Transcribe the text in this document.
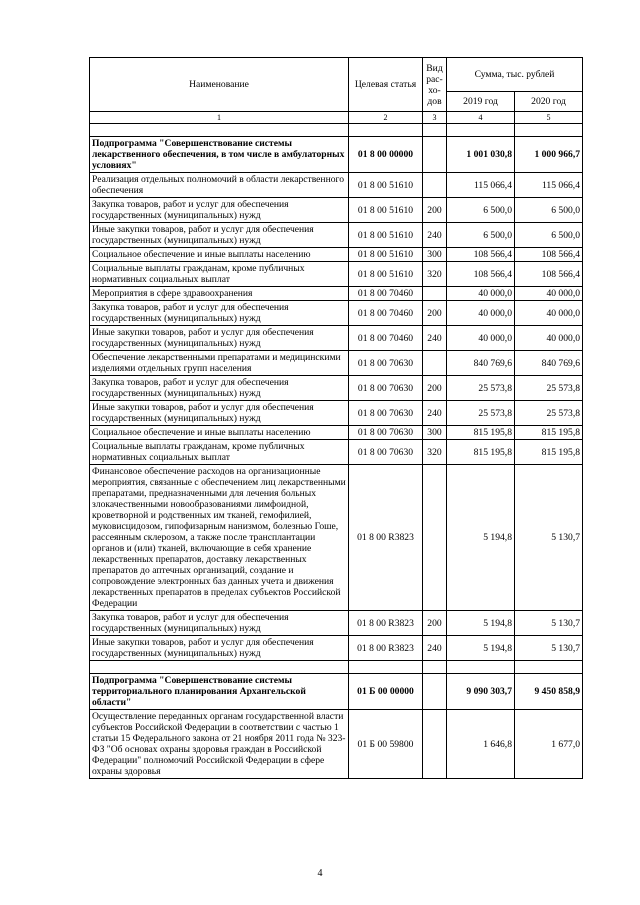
Наименование	Целевая статья	Вид рас-хо-дов	Сумма, тыс. рублей	
			2019 год	2020 год
1	2	3	4	5

Подпрограмма "Совершенствование системы лекарственного обеспечения, в том числе в амбулаторных условиях"	01 8 00 00000		1 001 030,8	1 000 966,7
Реализация отдельных полномочий в области лекарственного обеспечения	01 8 00 51610		115 066,4	115 066,4
Закупка товаров, работ и услуг для обеспечения государственных (муниципальных) нужд	01 8 00 51610	200	6 500,0	6 500,0
Иные закупки товаров, работ и услуг для обеспечения государственных (муниципальных) нужд	01 8 00 51610	240	6 500,0	6 500,0
Социальное обеспечение и иные выплаты населению	01 8 00 51610	300	108 566,4	108 566,4
Социальные выплаты гражданам, кроме публичных нормативных социальных выплат	01 8 00 51610	320	108 566,4	108 566,4
Мероприятия в сфере здравоохранения	01 8 00 70460		40 000,0	40 000,0
Закупка товаров, работ и услуг для обеспечения государственных (муниципальных) нужд	01 8 00 70460	200	40 000,0	40 000,0
Иные закупки товаров, работ и услуг для обеспечения государственных (муниципальных) нужд	01 8 00 70460	240	40 000,0	40 000,0
Обеспечение лекарственными препаратами и медицинскими изделиями отдельных групп населения	01 8 00 70630		840 769,6	840 769,6
Закупка товаров, работ и услуг для обеспечения государственных (муниципальных) нужд	01 8 00 70630	200	25 573,8	25 573,8
Иные закупки товаров, работ и услуг для обеспечения государственных (муниципальных) нужд	01 8 00 70630	240	25 573,8	25 573,8
Социальное обеспечение и иные выплаты населению	01 8 00 70630	300	815 195,8	815 195,8
Социальные выплаты гражданам, кроме публичных нормативных социальных выплат	01 8 00 70630	320	815 195,8	815 195,8
Финансовое обеспечение расходов на организационные мероприятия, связанные с обеспечением лиц лекарственными препаратами, предназначенными для лечения больных злокачественными новообразованиями лимфоидной, кроветворной и родственных им тканей, гемофилией, муковисцидозом, гипофизарным нанизмом, болезнью Гоше, рассеянным склерозом, а также после трансплантации органов и (или) тканей, включающие в себя хранение лекарственных препаратов, доставку лекарственных препаратов до аптечных организаций, создание и сопровождение электронных баз данных учета и движения лекарственных препаратов в пределах субъектов Российской Федерации	01 8 00 R3823		5 194,8	5 130,7
Закупка товаров, работ и услуг для обеспечения государственных (муниципальных) нужд	01 8 00 R3823	200	5 194,8	5 130,7
Иные закупки товаров, работ и услуг для обеспечения государственных (муниципальных) нужд	01 8 00 R3823	240	5 194,8	5 130,7

Подпрограмма "Совершенствование системы территориального планирования Архангельской области"	01 Б 00 00000		9 090 303,7	9 450 858,9
Осуществление переданных органам государственной власти субъектов Российской Федерации в соответствии с частью 1 статьи 15 Федерального закона от 21 ноября 2011 года № 323-ФЗ "Об основах охраны здоровья граждан в Российской Федерации" полномочий Российской Федерации в сфере охраны здоровья	01 Б 00 59800		1 646,8	1 677,0
4
